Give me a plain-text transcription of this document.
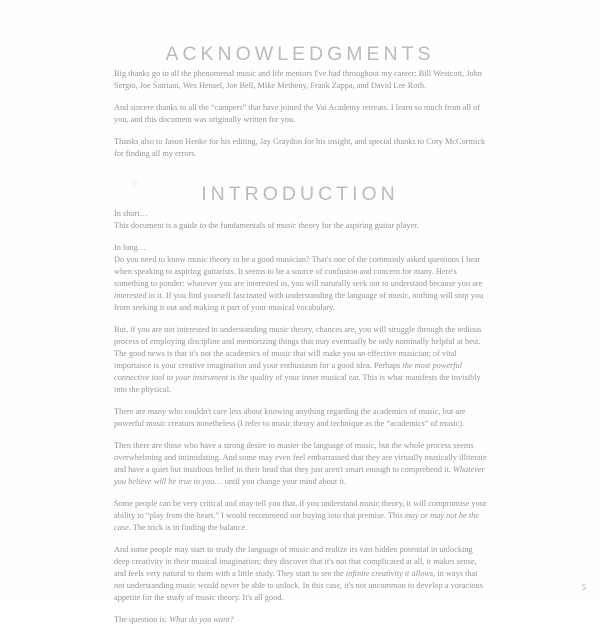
ACKNOWLEDGMENTS

Big thanks go to all the phenomenal music and life mentors I've had throughout my career: Bill Westcott, John Sergio, Joe Satriani, Wes Hensel, Joe Bell, Mike Metheny, Frank Zappa, and David Lee Roth.

And sincere thanks to all the “campers” that have joined the Vai Academy retreats. I learn so much from all of you, and this document was originally written for you.

Thanks also to Jason Henke for his editing, Jay Graydon for his insight, and special thanks to Cory McCormick for finding all my errors.

INTRODUCTION

In short…

This document is a guide to the fundamentals of music theory for the aspiring guitar player.

In long…

Do you need to know music theory to be a good musician? That's one of the commonly asked questions I hear when speaking to aspiring guitarists. It seems to be a source of confusion and concern for many. Here's something to ponder: whatever you are interested in, you will naturally seek out to understand because you are interested in it. If you find yourself fascinated with understanding the language of music, nothing will stop you from seeking it out and making it part of your musical vocabulary.

But, if you are not interested in understanding music theory, chances are, you will struggle through the tedious process of employing discipline and memorizing things that may eventually be only nominally helpful at best. The good news is that it's not the academics of music that will make you an effective musician; of vital importance is your creative imagination and your enthusiasm for a good idea. Perhaps the most powerful connective tool to your instrument is the quality of your inner musical ear. This is what manifests the invisibly into the physical.

There are many who couldn't care less about knowing anything regarding the academics of music, but are powerful music creators nonetheless (I refer to music theory and technique as the “academics” of music).

Then there are those who have a strong desire to master the language of music, but the whole process seems overwhelming and intimidating. And some may even feel embarrassed that they are virtually musically illiterate and have a quiet but insidious belief in their head that they just aren't smart enough to comprehend it. Whatever you believe will be true to you… until you change your mind about it.

Some people can be very critical and may tell you that, if you understand music theory, it will compromise your ability to “play from the heart.” I would recommend not buying into that premise. This may or may not be the case. The trick is in finding the balance.

And some people may start to study the language of music and realize its vast hidden potential in unlocking deep creativity in their musical imagination; they discover that it's not that complicated at all, it makes sense, and feels very natural to them with a little study. They start to see the infinite creativity it allows, in ways that not understanding music would never be able to unlock. In this case, it's not uncommon to develop a voracious appetite for the study of music theory. It's all good.

The question is: What do you want?

5
